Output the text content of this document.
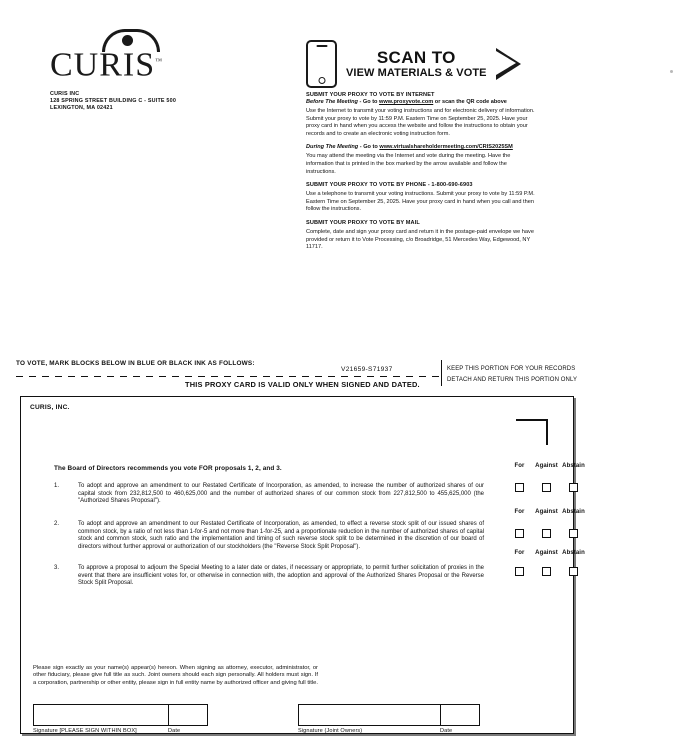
CURIS™
CURIS INC
128 SPRING STREET BUILDING C - SUITE 500
LEXINGTON, MA 02421
SCAN TO
VIEW MATERIALS & VOTE
SUBMIT YOUR PROXY TO VOTE BY INTERNET
Before The Meeting - Go to www.proxyvote.com or scan the QR code above
Use the Internet to transmit your voting instructions and for electronic delivery of information. Submit your proxy to vote by 11:59 P.M. Eastern Time on September 25, 2025. Have your proxy card in hand when you access the website and follow the instructions to obtain your records and to create an electronic voting instruction form.
During The Meeting - Go to www.virtualshareholdermeeting.com/CRIS2025SM
You may attend the meeting via the Internet and vote during the meeting. Have the information that is printed in the box marked by the arrow available and follow the instructions.
SUBMIT YOUR PROXY TO VOTE BY PHONE - 1-800-690-6903
Use a telephone to transmit your voting instructions. Submit your proxy to vote by 11:59 P.M. Eastern Time on September 25, 2025. Have your proxy card in hand when you call and then follow the instructions.
SUBMIT YOUR PROXY TO VOTE BY MAIL
Complete, date and sign your proxy card and return it in the postage-paid envelope we have provided or return it to Vote Processing, c/o Broadridge, 51 Mercedes Way, Edgewood, NY 11717.
TO VOTE, MARK BLOCKS BELOW IN BLUE OR BLACK INK AS FOLLOWS:
V21659-S71937	KEEP THIS PORTION FOR YOUR RECORDS
DETACH AND RETURN THIS PORTION ONLY
THIS PROXY CARD IS VALID ONLY WHEN SIGNED AND DATED.
CURIS, INC.
The Board of Directors recommends you vote FOR proposals 1, 2, and 3.	For	Against Abstain
1.	To adopt and approve an amendment to our Restated Certificate of Incorporation, as amended, to increase the number of authorized shares of our capital stock from 232,812,500 to 460,625,000 and the number of authorized shares of our common stock from 227,812,500 to 455,625,000 (the "Authorized Shares Proposal").
For	Against Abstain
2.	To adopt and approve an amendment to our Restated Certificate of Incorporation, as amended, to effect a reverse stock split of our issued shares of common stock, by a ratio of not less than 1-for-5 and not more than 1-for-25, and a proportionate reduction in the number of authorized shares of capital stock and common stock, such ratio and the implementation and timing of such reverse stock split to be determined in the discretion of our board of directors without further approval or authorization of our stockholders (the "Reverse Stock Split Proposal").
For	Against Abstain
3.	To approve a proposal to adjourn the Special Meeting to a later date or dates, if necessary or appropriate, to permit further solicitation of proxies in the event that there are insufficient votes for, or otherwise in connection with, the adoption and approval of the Authorized Shares Proposal or the Reverse Stock Split Proposal.
Please sign exactly as your name(s) appear(s) hereon. When signing as attorney, executor, administrator, or other fiduciary, please give full title as such. Joint owners should each sign personally. All holders must sign. If a corporation, partnership or other entity, please sign in full entity name by authorized officer and giving full title.
Signature [PLEASE SIGN WITHIN BOX]	Date	Signature (Joint Owners)	Date
